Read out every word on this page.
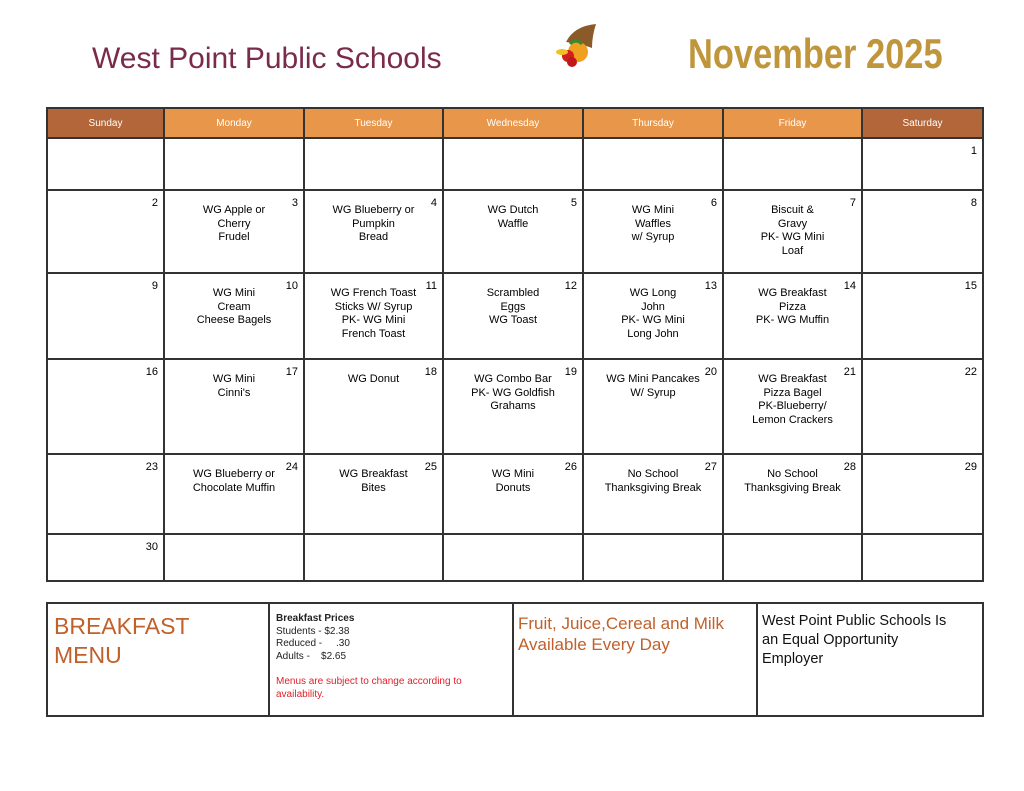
West Point Public Schools	November 2025
Sunday	Monday	Tuesday	Wednesday	Thursday	Friday	Saturday

						1

2	3
WG Apple or
Cherry
Frudel	4
WG Blueberry or
Pumpkin
Bread	5
WG Dutch
Waffle	6
WG Mini
Waffles
w/ Syrup	7
Biscuit &
Gravy
PK- WG Mini
Loaf	8

9	10
WG Mini
Cream
Cheese Bagels	11
WG French Toast
Sticks W/ Syrup
PK- WG Mini
French Toast	12
Scrambled
Eggs
WG Toast	13
WG Long
John
PK- WG Mini
Long John	14
WG Breakfast
Pizza
PK- WG Muffin	15

16	17
WG Mini
Cinni's	18
WG Donut	19
WG Combo Bar
PK- WG Goldfish
Grahams	20
WG Mini Pancakes
W/ Syrup	21
WG Breakfast
Pizza Bagel
PK-Blueberry/
Lemon Crackers	22

23	24
WG Blueberry or
Chocolate Muffin	25
WG Breakfast
Bites	26
WG Mini
Donuts	27
No School
Thanksgiving Break	28
No School
Thanksgiving Break	29

30						

BREAKFAST
MENU
Breakfast Prices
Students - $2.38
Reduced -     .30
Adults -    $2.65
Menus are subject to change according to availability.
Fruit, Juice,Cereal and Milk Available Every Day
West Point Public Schools Is an Equal Opportunity Employer
